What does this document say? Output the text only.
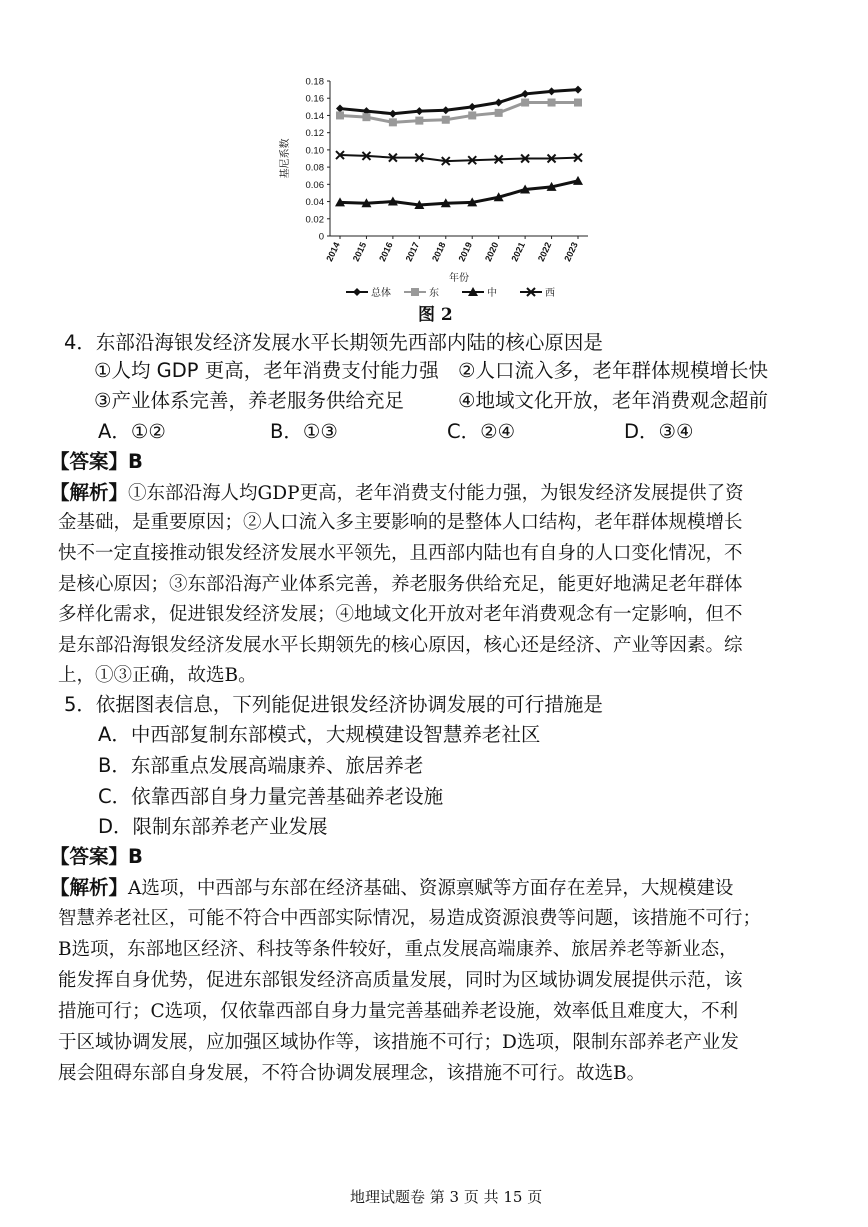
0
0.02
0.04
0.06
0.08
0.10
0.12
0.14
0.16
0.18
2014 2015 2016 2017 2018 2019 2020 2021 2022 2023
基尼系数
年份
总体	东	中	西
图 2
4．东部沿海银发经济发展水平长期领先西部内陆的核心原因是
①人均 GDP 更高，老年消费支付能力强 ②人口流入多，老年群体规模增长快
③产业体系完善，养老服务供给充足	④地域文化开放，老年消费观念超前
A．①②	B．①③	C．②④	D．③④
【答案】B
【解析】①东部沿海人均GDP更高，老年消费支付能力强，为银发经济发展提供了资
金基础，是重要原因；②人口流入多主要影响的是整体人口结构，老年群体规模增长
快不一定直接推动银发经济发展水平领先，且西部内陆也有自身的人口变化情况，不
是核心原因；③东部沿海产业体系完善，养老服务供给充足，能更好地满足老年群体
多样化需求，促进银发经济发展；④地域文化开放对老年消费观念有一定影响，但不
是东部沿海银发经济发展水平长期领先的核心原因，核心还是经济、产业等因素。综
上，①③正确，故选B。
5．依据图表信息，下列能促进银发经济协调发展的可行措施是
A．中西部复制东部模式，大规模建设智慧养老社区
B．东部重点发展高端康养、旅居养老
C．依靠西部自身力量完善基础养老设施
D．限制东部养老产业发展
【答案】B
【解析】A选项，中西部与东部在经济基础、资源禀赋等方面存在差异，大规模建设
智慧养老社区，可能不符合中西部实际情况，易造成资源浪费等问题，该措施不可行；
B选项，东部地区经济、科技等条件较好，重点发展高端康养、旅居养老等新业态，
能发挥自身优势，促进东部银发经济高质量发展，同时为区域协调发展提供示范，该
措施可行；C选项，仅依靠西部自身力量完善基础养老设施，效率低且难度大，不利
于区域协调发展，应加强区域协作等，该措施不可行；D选项，限制东部养老产业发
展会阻碍东部自身发展，不符合协调发展理念，该措施不可行。故选B。
地理试题卷 第 3 页 共 15 页
